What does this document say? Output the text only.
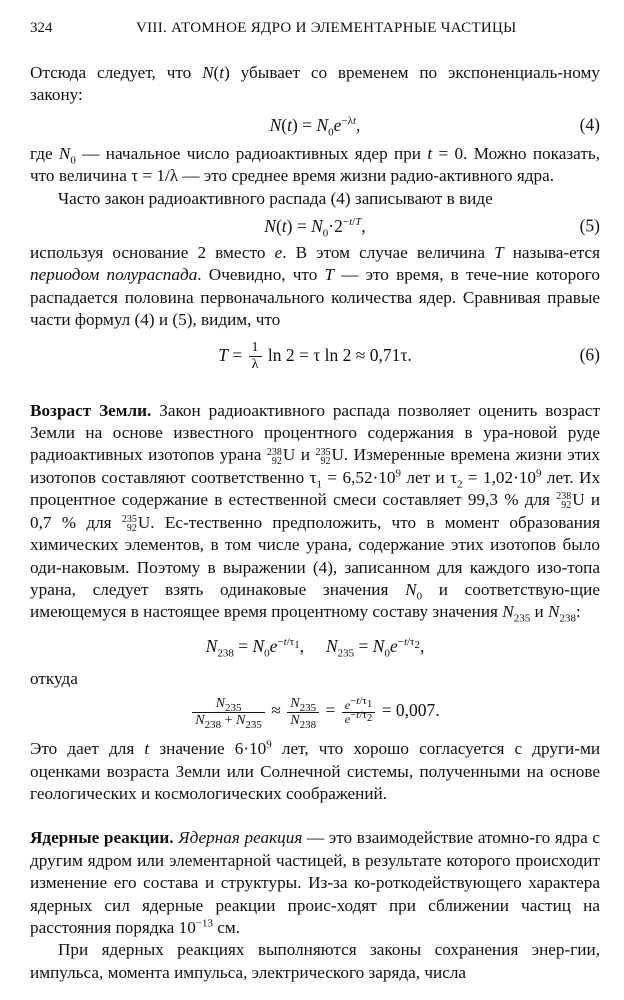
324	VIII. АТОМНОЕ ЯДРО И ЭЛЕМЕНТАРНЫЕ ЧАСТИЦЫ

Отсюда следует, что N(t) убывает со временем по экспоненциаль-ному закону:

$N(t) = N_0e^{-\lambda t}$,	(4)

где $N_0$ — начальное число радиоактивных ядер при t = 0. Можно показать, что величина τ = 1/λ — это среднее время жизни радио-активного ядра.

Часто закон радиоактивного распада (4) записывают в виде

$N(t) = N_0\cdot 2^{-t/T}$,	(5)

используя основание 2 вместо e. В этом случае величина T называ-ется периодом полураспада. Очевидно, что T — это время, в тече-ние которого распадается половина первоначального количества ядер. Сравнивая правые части формул (4) и (5), видим, что

$T = \frac{1}{\lambda}$ ln 2 = τ ln 2 ≈ 0,71τ.	(6)

Возраст Земли. Закон радиоактивного распада позволяет оценить возраст Земли на основе известного процентного содержания в ура-новой руде радиоактивных изотопов урана 238
92 U и 235
92 U. Измеренные времена жизни этих изотопов составляют соответственно $\tau_1 = 6,52\cdot 10^9$ лет и $\tau_2 = 1,02\cdot 10^9$ лет. Их процентное содержание в естественной смеси составляет 99,3 % для 238
92 U и 0,7 % для 235
92 U. Ес-тественно предположить, что в момент образования химических элементов, в том числе урана, содержание этих изотопов было оди-наковым. Поэтому в выражении (4), записанном для каждого изо-топа урана, следует взять одинаковые значения $N_0$ и соответствую-щие имеющемуся в настоящее время процентному составу значения $N_{235}$ и $N_{238}$:

$N_{238} = N_0e^{-t/\tau_1}$,     $N_{235} = N_0e^{-t/\tau_2}$,

откуда

$\frac{N_{235}}{N_{238} + N_{235}} \approx \frac{N_{235}}{N_{238}} = \frac{e^{-t/\tau_1}}{e^{-t/\tau_2}} = 0,007$.

Это дает для t значение $6\cdot 10^9$ лет, что хорошо согласуется с други-ми оценками возраста Земли или Солнечной системы, полученными на основе геологических и космологических соображений.

Ядерные реакции. Ядерная реакция — это взаимодействие атомно-го ядра с другим ядром или элементарной частицей, в результате которого происходит изменение его состава и структуры. Из-за ко-роткодействующего характера ядерных сил ядерные реакции проис-ходят при сближении частиц на расстояния порядка $10^{-13}$ см.

При ядерных реакциях выполняются законы сохранения энер-гии, импульса, момента импульса, электрического заряда, числа
